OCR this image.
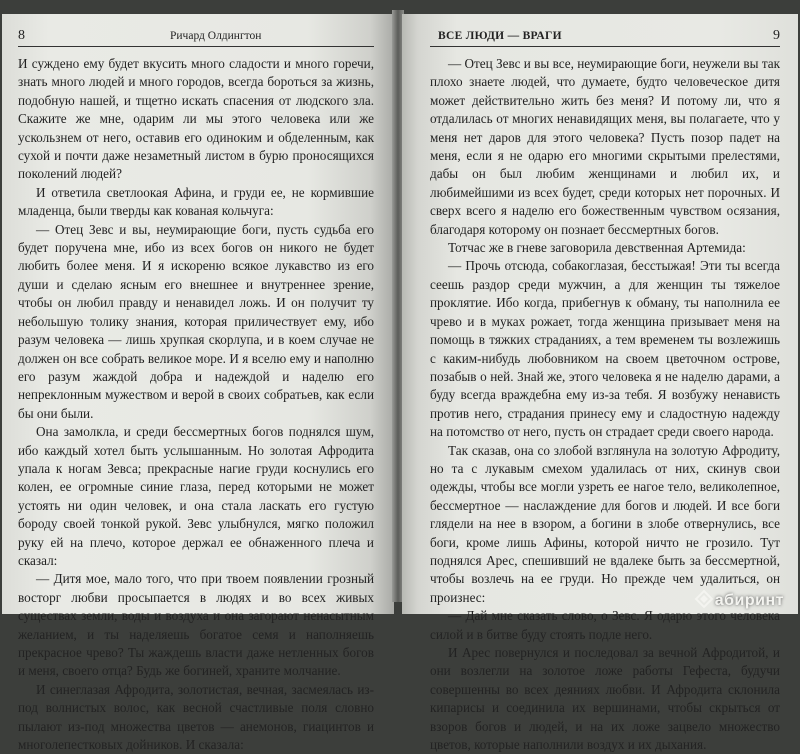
8	Ричард Олдингтон

И суждено ему будет вкусить много сладости и много горечи, знать много людей и много городов, всегда бороться за жизнь, подобную нашей, и тщетно искать спасения от людского зла. Скажите же мне, одарим ли мы этого человека или же ускользнем от него, оставив его одиноким и обделенным, как сухой и почти даже незаметный листом в бурю проносящихся поколений людей?

И ответила светлоокая Афина, и груди ее, не кормившие младенца, были тверды как кованая кольчуга:

— Отец Зевс и вы, неумирающие боги, пусть судьба его будет поручена мне, ибо из всех богов он никого не будет любить более меня. И я искореню всякое лукавство из его души и сделаю ясным его внешнее и внутреннее зрение, чтобы он любил правду и ненавидел ложь. И он получит ту небольшую толику знания, которая приличествует ему, ибо разум человека — лишь хрупкая скорлупа, и в коем случае не должен он все собрать великое море. И я вселю ему и наполню его разум жаждой добра и надеждой и наделю его непреклонным мужеством и верой в своих собратьев, как если бы они были.

Она замолкла, и среди бессмертных богов поднялся шум, ибо каждый хотел быть услышанным. Но золотая Афродита упала к ногам Зевса; прекрасные нагие груди коснулись его колен, ее огромные синие глаза, перед которыми не может устоять ни один человек, и она стала ласкать его густую бороду своей тонкой рукой. Зевс улыбнулся, мягко положил руку ей на плечо, которое держал ее обнаженного плеча и сказал:

— Дитя мое, мало того, что при твоем появлении грозный восторг любви просыпается в людях и во всех живых существах земли, воды и воздуха и она загорают ненасытным желанием, и ты наделяешь богатое семя и наполняешь прекрасное чрево? Ты жаждешь власти даже нетленных богов и меня, своего отца? Будь же богиней, храните молчание.

И синеглазая Афродита, золотистая, вечная, засмеялась из-под волнистых волос, как весной счастливые поля словно пылают из-под множества цветов — анемонов, гиацинтов и многолепестковых дойников. И сказала:

ВСЕ ЛЮДИ — ВРАГИ	9

— Отец Зевс и вы все, неумирающие боги, неужели вы так плохо знаете людей, что думаете, будто человеческое дитя может действительно жить без меня? И потому ли, что я отдалилась от многих ненавидящих меня, вы полагаете, что у меня нет даров для этого человека? Пусть позор падет на меня, если я не одарю его многими скрытыми прелестями, дабы он был любим женщинами и любил их, и любимейшими из всех будет, среди которых нет порочных. И сверх всего я наделю его божественным чувством осязания, благодаря которому он познает бессмертных богов.

Тотчас же в гневе заговорила девственная Артемида:

— Прочь отсюда, собакоглазая, бесстыжая! Эти ты всегда сеешь раздор среди мужчин, а для женщин ты тяжелое проклятие. Ибо когда, прибегнув к обману, ты наполнила ее чрево и в муках рожает, тогда женщина призывает меня на помощь в тяжких страданиях, а тем временем ты возлежишь с каким-нибудь любовником на своем цветочном острове, позабыв о ней. Знай же, этого человека я не наделю дарами, а буду всегда враждебна ему из-за тебя. Я возбужу ненависть против него, страдания принесу ему и сладостную надежду на потомство от него, пусть он страдает среди своего народа.

Так сказав, она со злобой взглянула на золотую Афродиту, но та с лукавым смехом удалилась от них, скинув свои одежды, чтобы все могли узреть ее нагое тело, великолепное, бессмертное — наслаждение для богов и людей. И все боги глядели на нее в взором, а богини в злобе отвернулись, все боги, кроме лишь Афины, которой ничто не грозило. Тут поднялся Арес, спешивший не вдалеке быть за бессмертной, чтобы возлечь на ее груди. Но прежде чем удалиться, он произнес:

— Дай мне сказать слово, о Зевс. Я одарю этого человека силой и в битве буду стоять подле него.

И Арес повернулся и последовал за вечной Афродитой, и они возлегли на золотое ложе работы Гефеста, будучи совершенны во всех деяниях любви. И Афродита склонила кипарисы и соединила их вершинами, чтобы скрыться от взоров богов и людей, и на их ложе зацвело множество цветов, которые наполнили воздух и их дыхания.

абиринт
